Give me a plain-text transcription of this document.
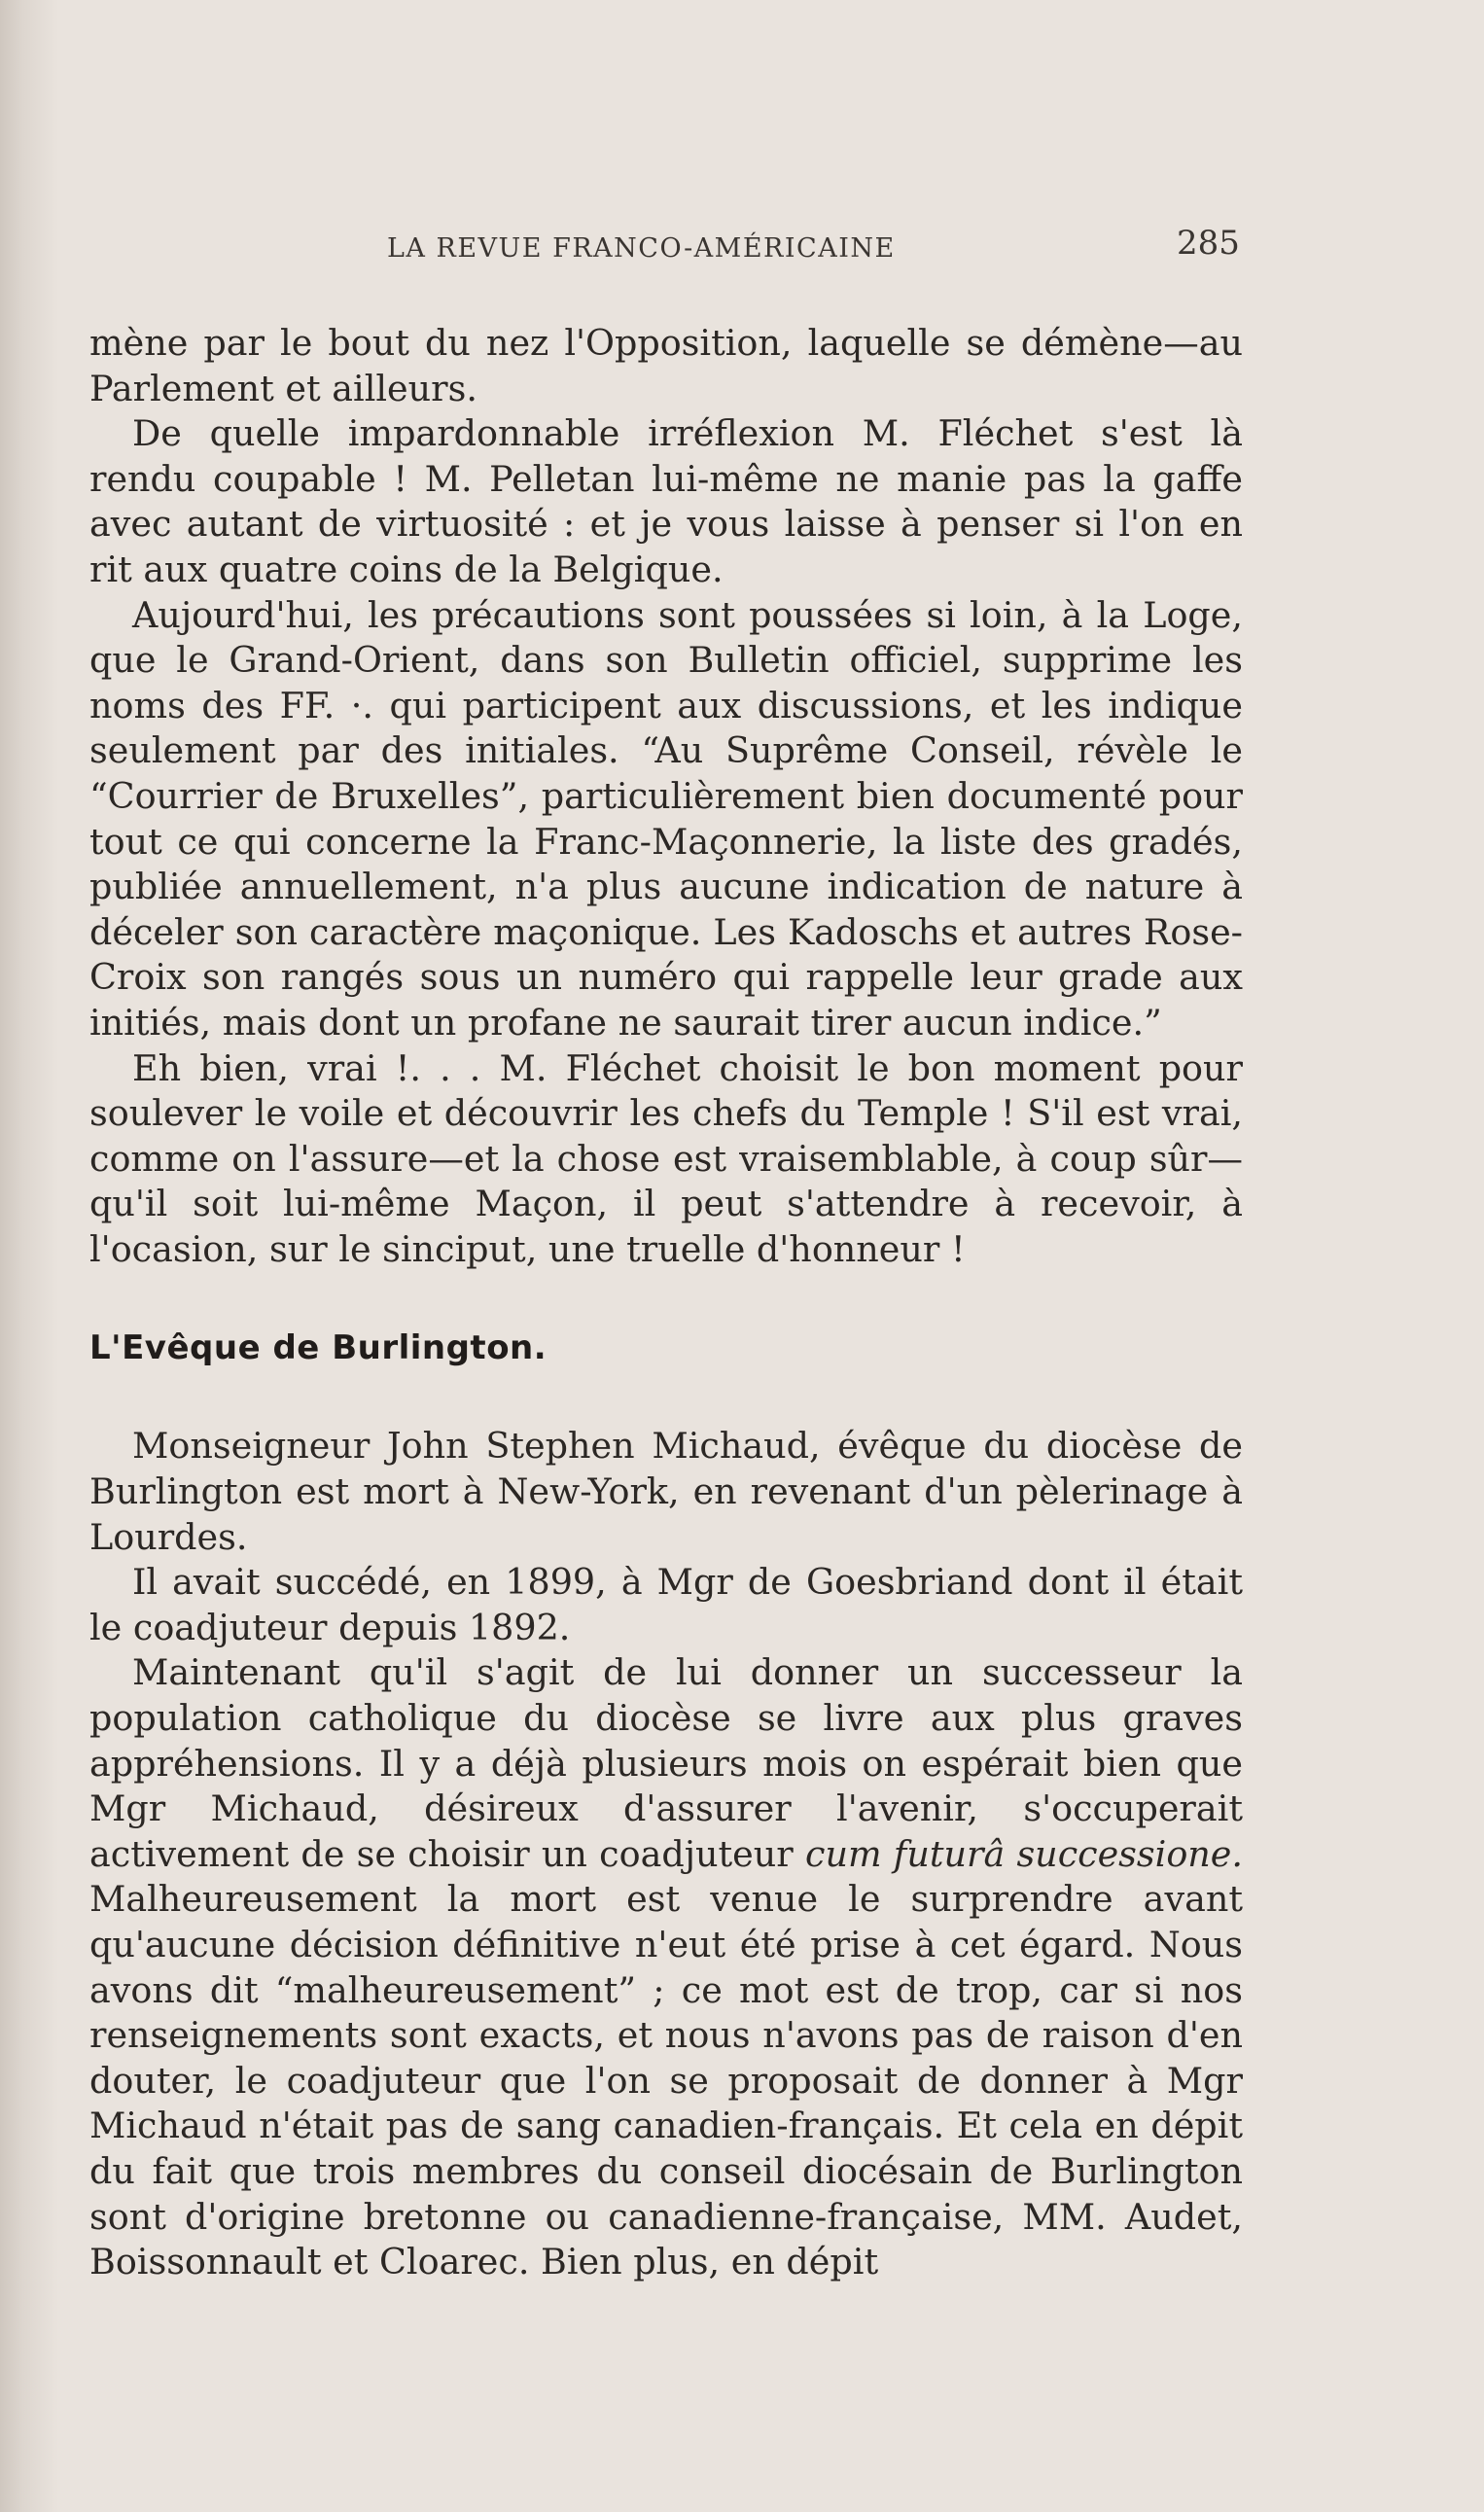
LA REVUE FRANCO-AMÉRICAINE	285

mène par le bout du nez l'Opposition, laquelle se démène—au Parlement et ailleurs.

De quelle impardonnable irréflexion M. Fléchet s'est là rendu coupable ! M. Pelletan lui-même ne manie pas la gaffe avec autant de virtuosité : et je vous laisse à penser si l'on en rit aux quatre coins de la Belgique.

Aujourd'hui, les précautions sont poussées si loin, à la Loge, que le Grand-Orient, dans son Bulletin officiel, supprime les noms des FF. ·. qui participent aux discussions, et les indique seulement par des initiales. “Au Suprême Conseil, révèle le “Courrier de Bruxelles”, particulièrement bien documenté pour tout ce qui concerne la Franc-Maçonnerie, la liste des gradés, publiée annuellement, n'a plus aucune indication de nature à déceler son caractère maçonique. Les Kadoschs et autres Rose-Croix son rangés sous un numéro qui rappelle leur grade aux initiés, mais dont un profane ne saurait tirer aucun indice.”

Eh bien, vrai !. . . M. Fléchet choisit le bon moment pour soulever le voile et découvrir les chefs du Temple ! S'il est vrai, comme on l'assure—et la chose est vraisemblable, à coup sûr—qu'il soit lui-même Maçon, il peut s'attendre à recevoir, à l'ocasion, sur le sinciput, une truelle d'honneur !

L'Evêque de Burlington.

Monseigneur John Stephen Michaud, évêque du diocèse de Burlington est mort à New-York, en revenant d'un pèlerinage à Lourdes.

Il avait succédé, en 1899, à Mgr de Goesbriand dont il était le coadjuteur depuis 1892.

Maintenant qu'il s'agit de lui donner un successeur la population catholique du diocèse se livre aux plus graves appréhensions. Il y a déjà plusieurs mois on espérait bien que Mgr Michaud, désireux d'assurer l'avenir, s'occuperait activement de se choisir un coadjuteur cum futurâ successione. Malheureusement la mort est venue le surprendre avant qu'aucune décision définitive n'eut été prise à cet égard. Nous avons dit “malheureusement” ; ce mot est de trop, car si nos renseignements sont exacts, et nous n'avons pas de raison d'en douter, le coadjuteur que l'on se proposait de donner à Mgr Michaud n'était pas de sang canadien-français. Et cela en dépit du fait que trois membres du conseil diocésain de Burlington sont d'origine bretonne ou canadienne-française, MM. Audet, Boissonnault et Cloarec. Bien plus, en dépit
